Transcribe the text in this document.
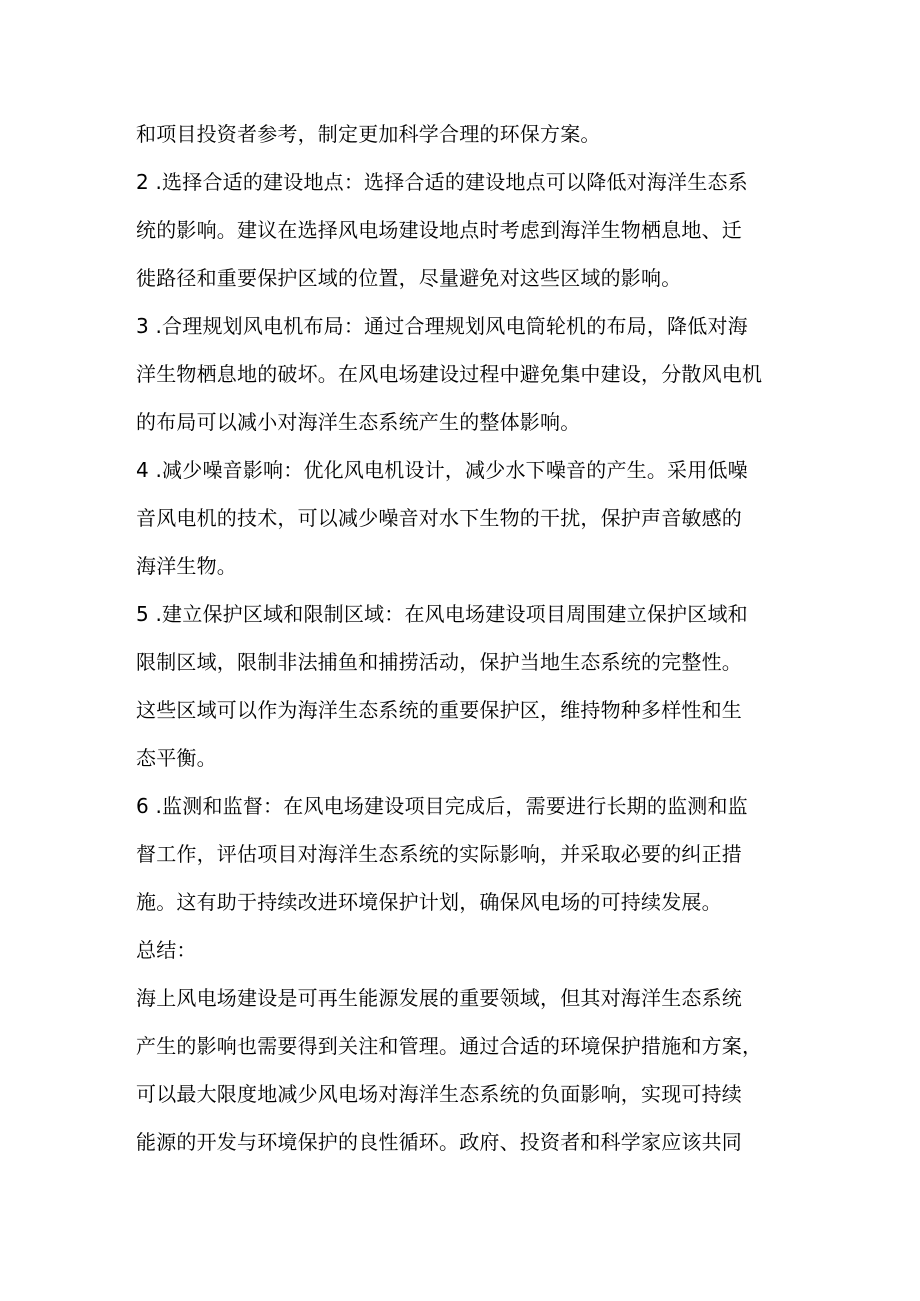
和项目投资者参考，制定更加科学合理的环保方案。
2 .选择合适的建设地点：选择合适的建设地点可以降低对海洋生态系
统的影响。建议在选择风电场建设地点时考虑到海洋生物栖息地、迁
徙路径和重要保护区域的位置，尽量避免对这些区域的影响。
3 .合理规划风电机布局：通过合理规划风电筒轮机的布局，降低对海
洋生物栖息地的破坏。在风电场建设过程中避免集中建设，分散风电机
的布局可以减小对海洋生态系统产生的整体影响。
4 .减少噪音影响：优化风电机设计，减少水下噪音的产生。采用低噪
音风电机的技术，可以减少噪音对水下生物的干扰，保护声音敏感的
海洋生物。
5 .建立保护区域和限制区域：在风电场建设项目周围建立保护区域和
限制区域，限制非法捕鱼和捕捞活动，保护当地生态系统的完整性。
这些区域可以作为海洋生态系统的重要保护区，维持物种多样性和生
态平衡。
6 .监测和监督：在风电场建设项目完成后，需要进行长期的监测和监
督工作，评估项目对海洋生态系统的实际影响，并采取必要的纠正措
施。这有助于持续改进环境保护计划，确保风电场的可持续发展。
总结：
海上风电场建设是可再生能源发展的重要领域，但其对海洋生态系统
产生的影响也需要得到关注和管理。通过合适的环境保护措施和方案，
可以最大限度地减少风电场对海洋生态系统的负面影响，实现可持续
能源的开发与环境保护的良性循环。政府、投资者和科学家应该共同
